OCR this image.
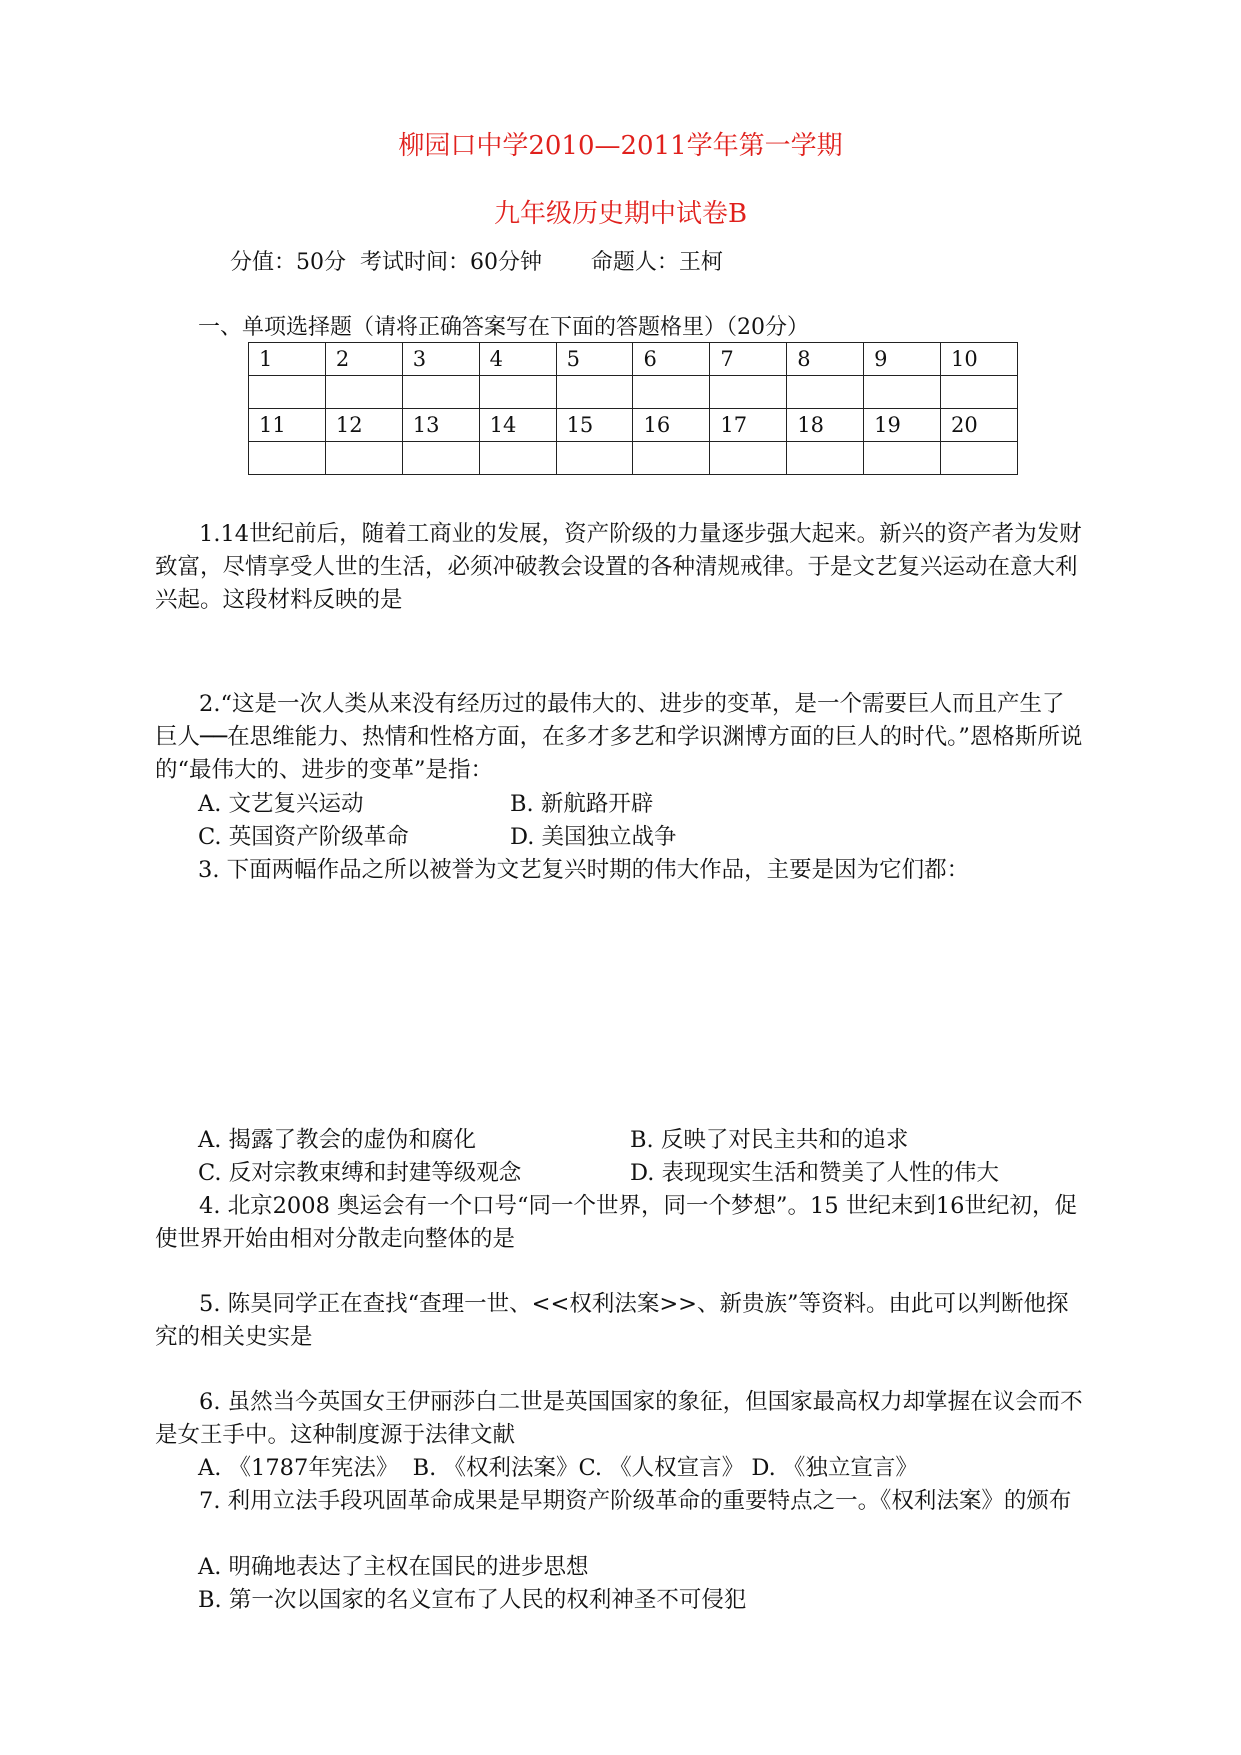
柳园口中学2010—2011学年第一学期
九年级历史期中试卷B
分值：50分  考试时间：60分钟       命题人：王柯
一、单项选择题（请将正确答案写在下面的答题格里）（20分）
1	2	3	4	5	6	7	8	9	10

11	12	13	14	15	16	17	18	19	20

1.14世纪前后，随着工商业的发展，资产阶级的力量逐步强大起来。新兴的资产者为发财致富，尽情享受人世的生活，必须冲破教会设置的各种清规戒律。于是文艺复兴运动在意大利兴起。这段材料反映的是

2.“这是一次人类从来没有经历过的最伟大的、进步的变革，是一个需要巨人而且产生了巨人──在思维能力、热情和性格方面，在多才多艺和学识渊博方面的巨人的时代。”恩格斯所说的“最伟大的、进步的变革”是指：

A. 文艺复兴运动	B. 新航路开辟

C. 英国资产阶级革命	D. 美国独立战争

3. 下面两幅作品之所以被誉为文艺复兴时期的伟大作品，主要是因为它们都：

A. 揭露了教会的虚伪和腐化	B. 反映了对民主共和的追求

C. 反对宗教束缚和封建等级观念	D. 表现现实生活和赞美了人性的伟大

4. 北京2008 奥运会有一个口号“同一个世界，同一个梦想”。15 世纪末到16世纪初，促使世界开始由相对分散走向整体的是

5. 陈昊同学正在查找“查理一世、<<权利法案>>、新贵族”等资料。由此可以判断他探究的相关史实是

6. 虽然当今英国女王伊丽莎白二世是英国国家的象征，但国家最高权力却掌握在议会而不是女王手中。这种制度源于法律文献

A. 《1787年宪法》  B. 《权利法案》C. 《人权宣言》 D. 《独立宣言》

7. 利用立法手段巩固革命成果是早期资产阶级革命的重要特点之一。《权利法案》的颁布

A. 明确地表达了主权在国民的进步思想

B. 第一次以国家的名义宣布了人民的权利神圣不可侵犯
